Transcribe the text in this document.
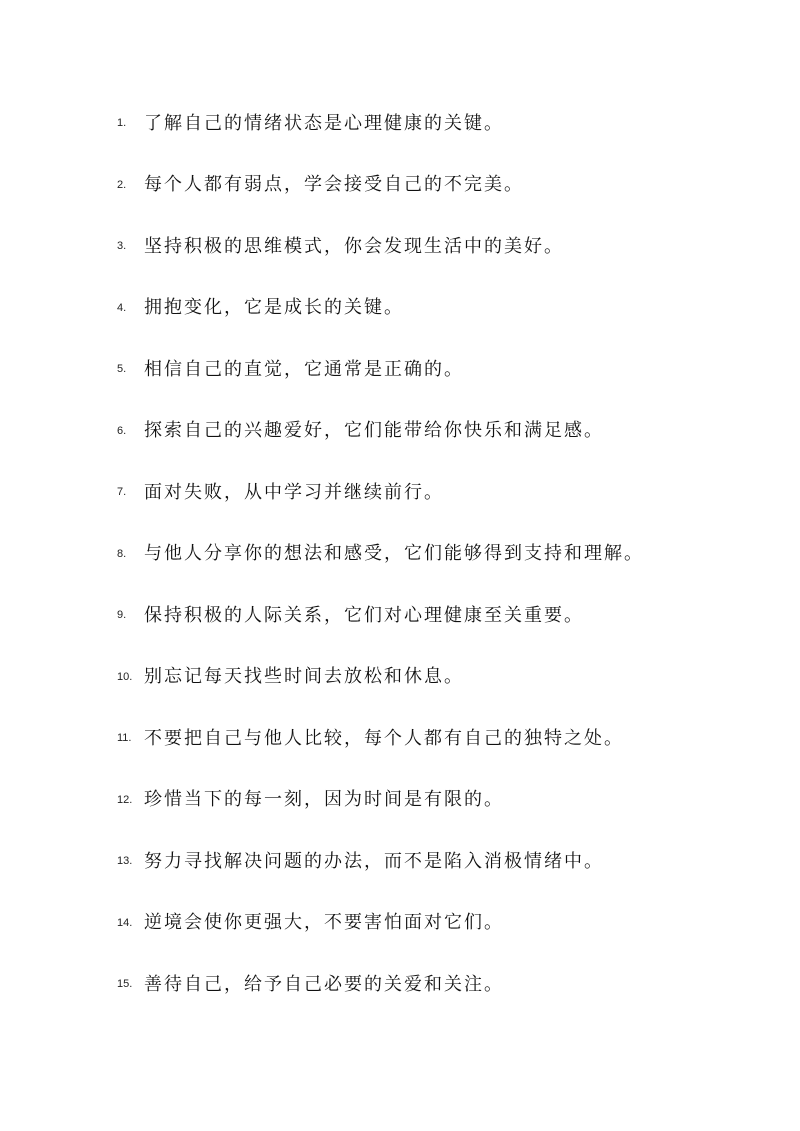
1. 了解自己的情绪状态是心理健康的关键。
2. 每个人都有弱点，学会接受自己的不完美。
3. 坚持积极的思维模式，你会发现生活中的美好。
4. 拥抱变化，它是成长的关键。
5. 相信自己的直觉，它通常是正确的。
6. 探索自己的兴趣爱好，它们能带给你快乐和满足感。
7. 面对失败，从中学习并继续前行。
8. 与他人分享你的想法和感受，它们能够得到支持和理解。
9. 保持积极的人际关系，它们对心理健康至关重要。
10. 别忘记每天找些时间去放松和休息。
11. 不要把自己与他人比较，每个人都有自己的独特之处。
12. 珍惜当下的每一刻，因为时间是有限的。
13. 努力寻找解决问题的办法，而不是陷入消极情绪中。
14. 逆境会使你更强大，不要害怕面对它们。
15. 善待自己，给予自己必要的关爱和关注。
